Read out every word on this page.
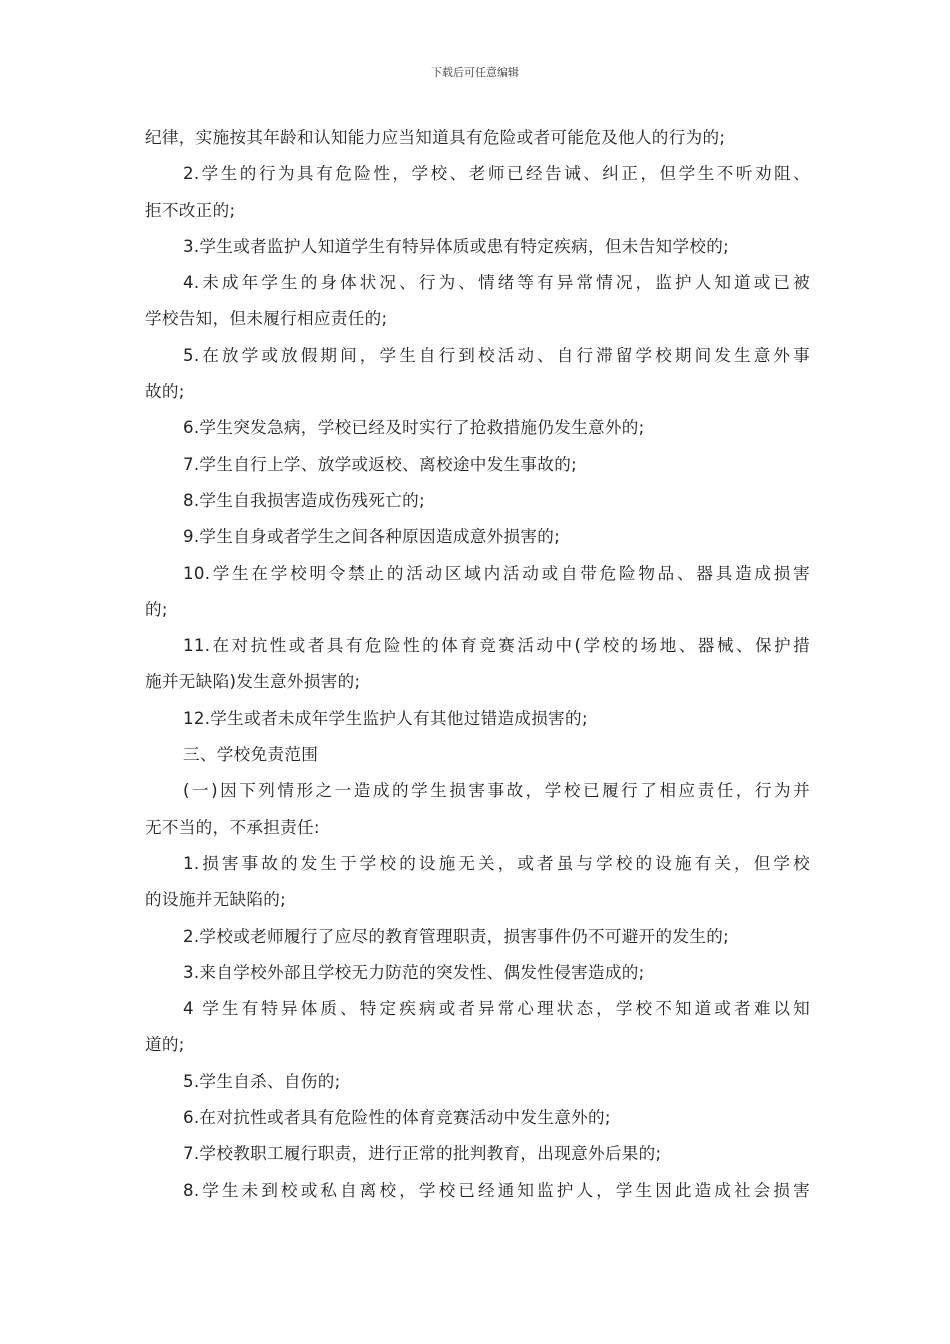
下载后可任意编辑
纪律，实施按其年龄和认知能力应当知道具有危险或者可能危及他人的行为的;
2.学生的行为具有危险性，学校、老师已经告诫、纠正，但学生不听劝阻、
拒不改正的;
3.学生或者监护人知道学生有特异体质或患有特定疾病，但未告知学校的;
4.未成年学生的身体状况、行为、情绪等有异常情况，监护人知道或已被
学校告知，但未履行相应责任的;
5.在放学或放假期间，学生自行到校活动、自行滞留学校期间发生意外事
故的;
6.学生突发急病，学校已经及时实行了抢救措施仍发生意外的;
7.学生自行上学、放学或返校、离校途中发生事故的;
8.学生自我损害造成伤残死亡的;
9.学生自身或者学生之间各种原因造成意外损害的;
10.学生在学校明令禁止的活动区域内活动或自带危险物品、器具造成损害
的;
11.在对抗性或者具有危险性的体育竞赛活动中(学校的场地、器械、保护措
施并无缺陷)发生意外损害的;
12.学生或者未成年学生监护人有其他过错造成损害的;
三、学校免责范围
(一)因下列情形之一造成的学生损害事故，学校已履行了相应责任，行为并
无不当的，不承担责任:
1.损害事故的发生于学校的设施无关，或者虽与学校的设施有关，但学校
的设施并无缺陷的;
2.学校或老师履行了应尽的教育管理职责，损害事件仍不可避开的发生的;
3.来自学校外部且学校无力防范的突发性、偶发性侵害造成的;
4 学生有特异体质、特定疾病或者异常心理状态，学校不知道或者难以知
道的;
5.学生自杀、自伤的;
6.在对抗性或者具有危险性的体育竞赛活动中发生意外的;
7.学校教职工履行职责，进行正常的批判教育，出现意外后果的;
8.学生未到校或私自离校，学校已经通知监护人，学生因此造成社会损害
